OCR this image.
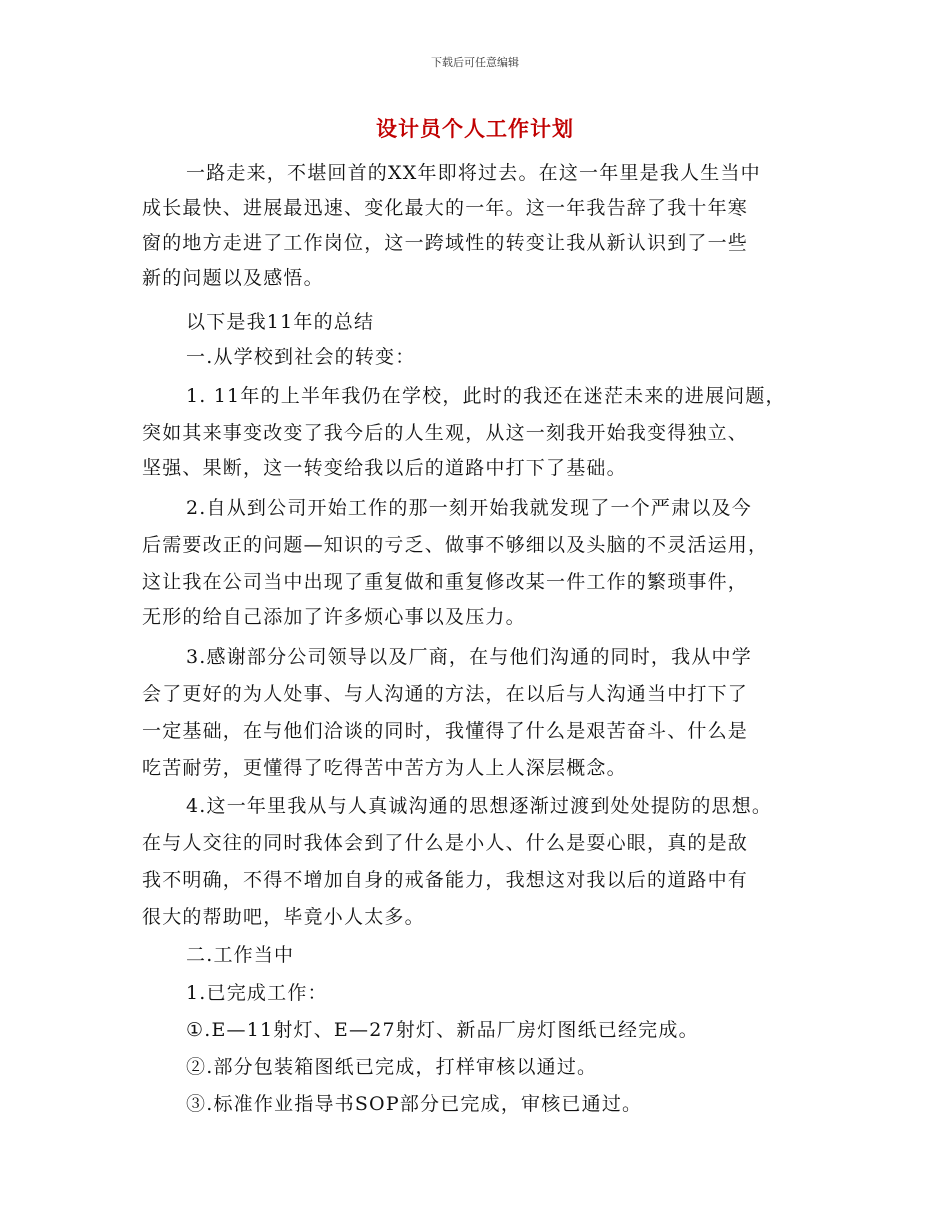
下载后可任意编辑
设计员个人工作计划
一路走来，不堪回首的XX年即将过去。在这一年里是我人生当中
成长最快、进展最迅速、变化最大的一年。这一年我告辞了我十年寒
窗的地方走进了工作岗位，这一跨域性的转变让我从新认识到了一些
新的问题以及感悟。
以下是我11年的总结
一.从学校到社会的转变：
1. 11年的上半年我仍在学校，此时的我还在迷茫未来的进展问题，
突如其来事变改变了我今后的人生观，从这一刻我开始我变得独立、
坚强、果断，这一转变给我以后的道路中打下了基础。
2.自从到公司开始工作的那一刻开始我就发现了一个严肃以及今
后需要改正的问题—知识的亏乏、做事不够细以及头脑的不灵活运用，
这让我在公司当中出现了重复做和重复修改某一件工作的繁琐事件，
无形的给自己添加了许多烦心事以及压力。
3.感谢部分公司领导以及厂商，在与他们沟通的同时，我从中学
会了更好的为人处事、与人沟通的方法，在以后与人沟通当中打下了
一定基础，在与他们洽谈的同时，我懂得了什么是艰苦奋斗、什么是
吃苦耐劳，更懂得了吃得苦中苦方为人上人深层概念。
4.这一年里我从与人真诚沟通的思想逐渐过渡到处处提防的思想。
在与人交往的同时我体会到了什么是小人、什么是耍心眼，真的是敌
我不明确，不得不增加自身的戒备能力，我想这对我以后的道路中有
很大的帮助吧，毕竟小人太多。
二.工作当中
1.已完成工作：
①.E—11射灯、E—27射灯、新品厂房灯图纸已经完成。
②.部分包装箱图纸已完成，打样审核以通过。
③.标准作业指导书SOP部分已完成，审核已通过。
